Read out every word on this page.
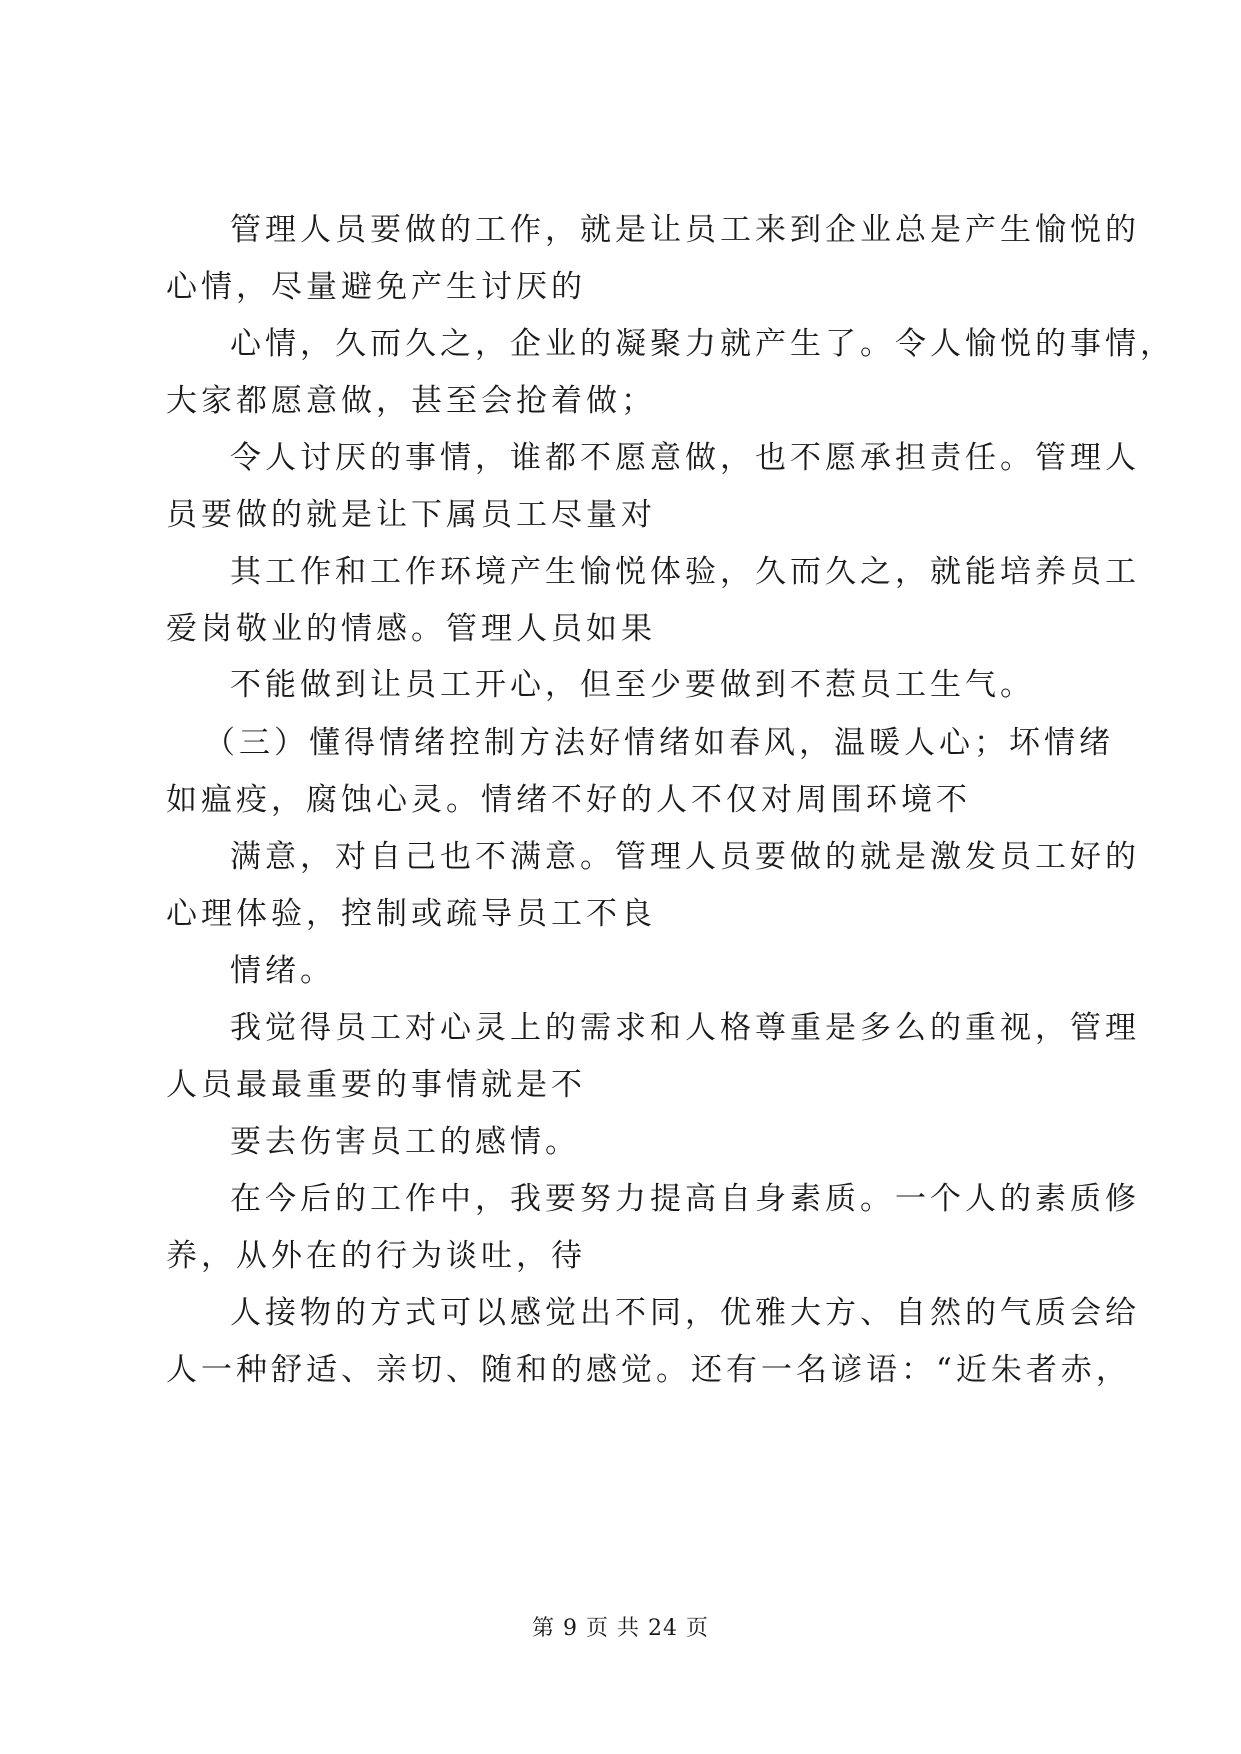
管理人员要做的工作，就是让员工来到企业总是产生愉悦的
心情，尽量避免产生讨厌的
心情，久而久之，企业的凝聚力就产生了。令人愉悦的事情，
大家都愿意做，甚至会抢着做；
令人讨厌的事情，谁都不愿意做，也不愿承担责任。管理人
员要做的就是让下属员工尽量对
其工作和工作环境产生愉悦体验，久而久之，就能培养员工
爱岗敬业的情感。管理人员如果
不能做到让员工开心，但至少要做到不惹员工生气。
（三）懂得情绪控制方法好情绪如春风，温暖人心；坏情绪
如瘟疫，腐蚀心灵。情绪不好的人不仅对周围环境不
满意，对自己也不满意。管理人员要做的就是激发员工好的
心理体验，控制或疏导员工不良
情绪。
我觉得员工对心灵上的需求和人格尊重是多么的重视，管理
人员最最重要的事情就是不
要去伤害员工的感情。
在今后的工作中，我要努力提高自身素质。一个人的素质修
养，从外在的行为谈吐，待
人接物的方式可以感觉出不同，优雅大方、自然的气质会给
人一种舒适、亲切、随和的感觉。还有一名谚语：“近朱者赤，
第 9 页 共 24 页
